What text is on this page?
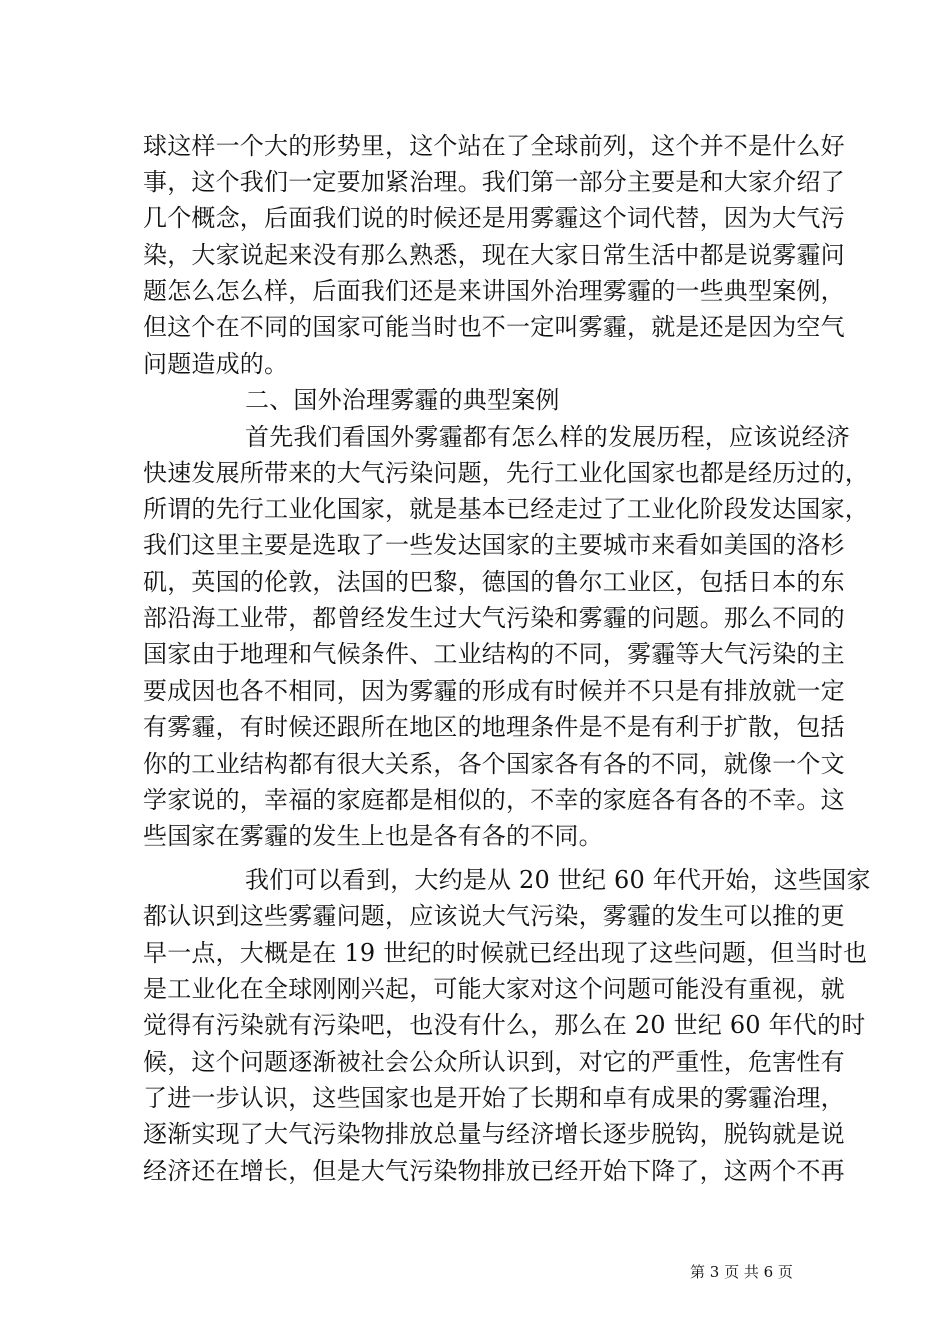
球这样一个大的形势里，这个站在了全球前列，这个并不是什么好
事，这个我们一定要加紧治理。我们第一部分主要是和大家介绍了
几个概念，后面我们说的时候还是用雾霾这个词代替，因为大气污
染，大家说起来没有那么熟悉，现在大家日常生活中都是说雾霾问
题怎么怎么样，后面我们还是来讲国外治理雾霾的一些典型案例，
但这个在不同的国家可能当时也不一定叫雾霾，就是还是因为空气
问题造成的。
二、国外治理雾霾的典型案例
首先我们看国外雾霾都有怎么样的发展历程，应该说经济
快速发展所带来的大气污染问题，先行工业化国家也都是经历过的，
所谓的先行工业化国家，就是基本已经走过了工业化阶段发达国家，
我们这里主要是选取了一些发达国家的主要城市来看如美国的洛杉
矶，英国的伦敦，法国的巴黎，德国的鲁尔工业区，包括日本的东
部沿海工业带，都曾经发生过大气污染和雾霾的问题。那么不同的
国家由于地理和气候条件、工业结构的不同，雾霾等大气污染的主
要成因也各不相同，因为雾霾的形成有时候并不只是有排放就一定
有雾霾，有时候还跟所在地区的地理条件是不是有利于扩散，包括
你的工业结构都有很大关系，各个国家各有各的不同，就像一个文
学家说的，幸福的家庭都是相似的，不幸的家庭各有各的不幸。这
些国家在雾霾的发生上也是各有各的不同。
我们可以看到，大约是从 20 世纪 60 年代开始，这些国家
都认识到这些雾霾问题，应该说大气污染，雾霾的发生可以推的更
早一点，大概是在 19 世纪的时候就已经出现了这些问题，但当时也
是工业化在全球刚刚兴起，可能大家对这个问题可能没有重视，就
觉得有污染就有污染吧，也没有什么，那么在 20 世纪 60 年代的时
候，这个问题逐渐被社会公众所认识到，对它的严重性，危害性有
了进一步认识，这些国家也是开始了长期和卓有成果的雾霾治理，
逐渐实现了大气污染物排放总量与经济增长逐步脱钩，脱钩就是说
经济还在增长，但是大气污染物排放已经开始下降了，这两个不再
第 3 页 共 6 页
